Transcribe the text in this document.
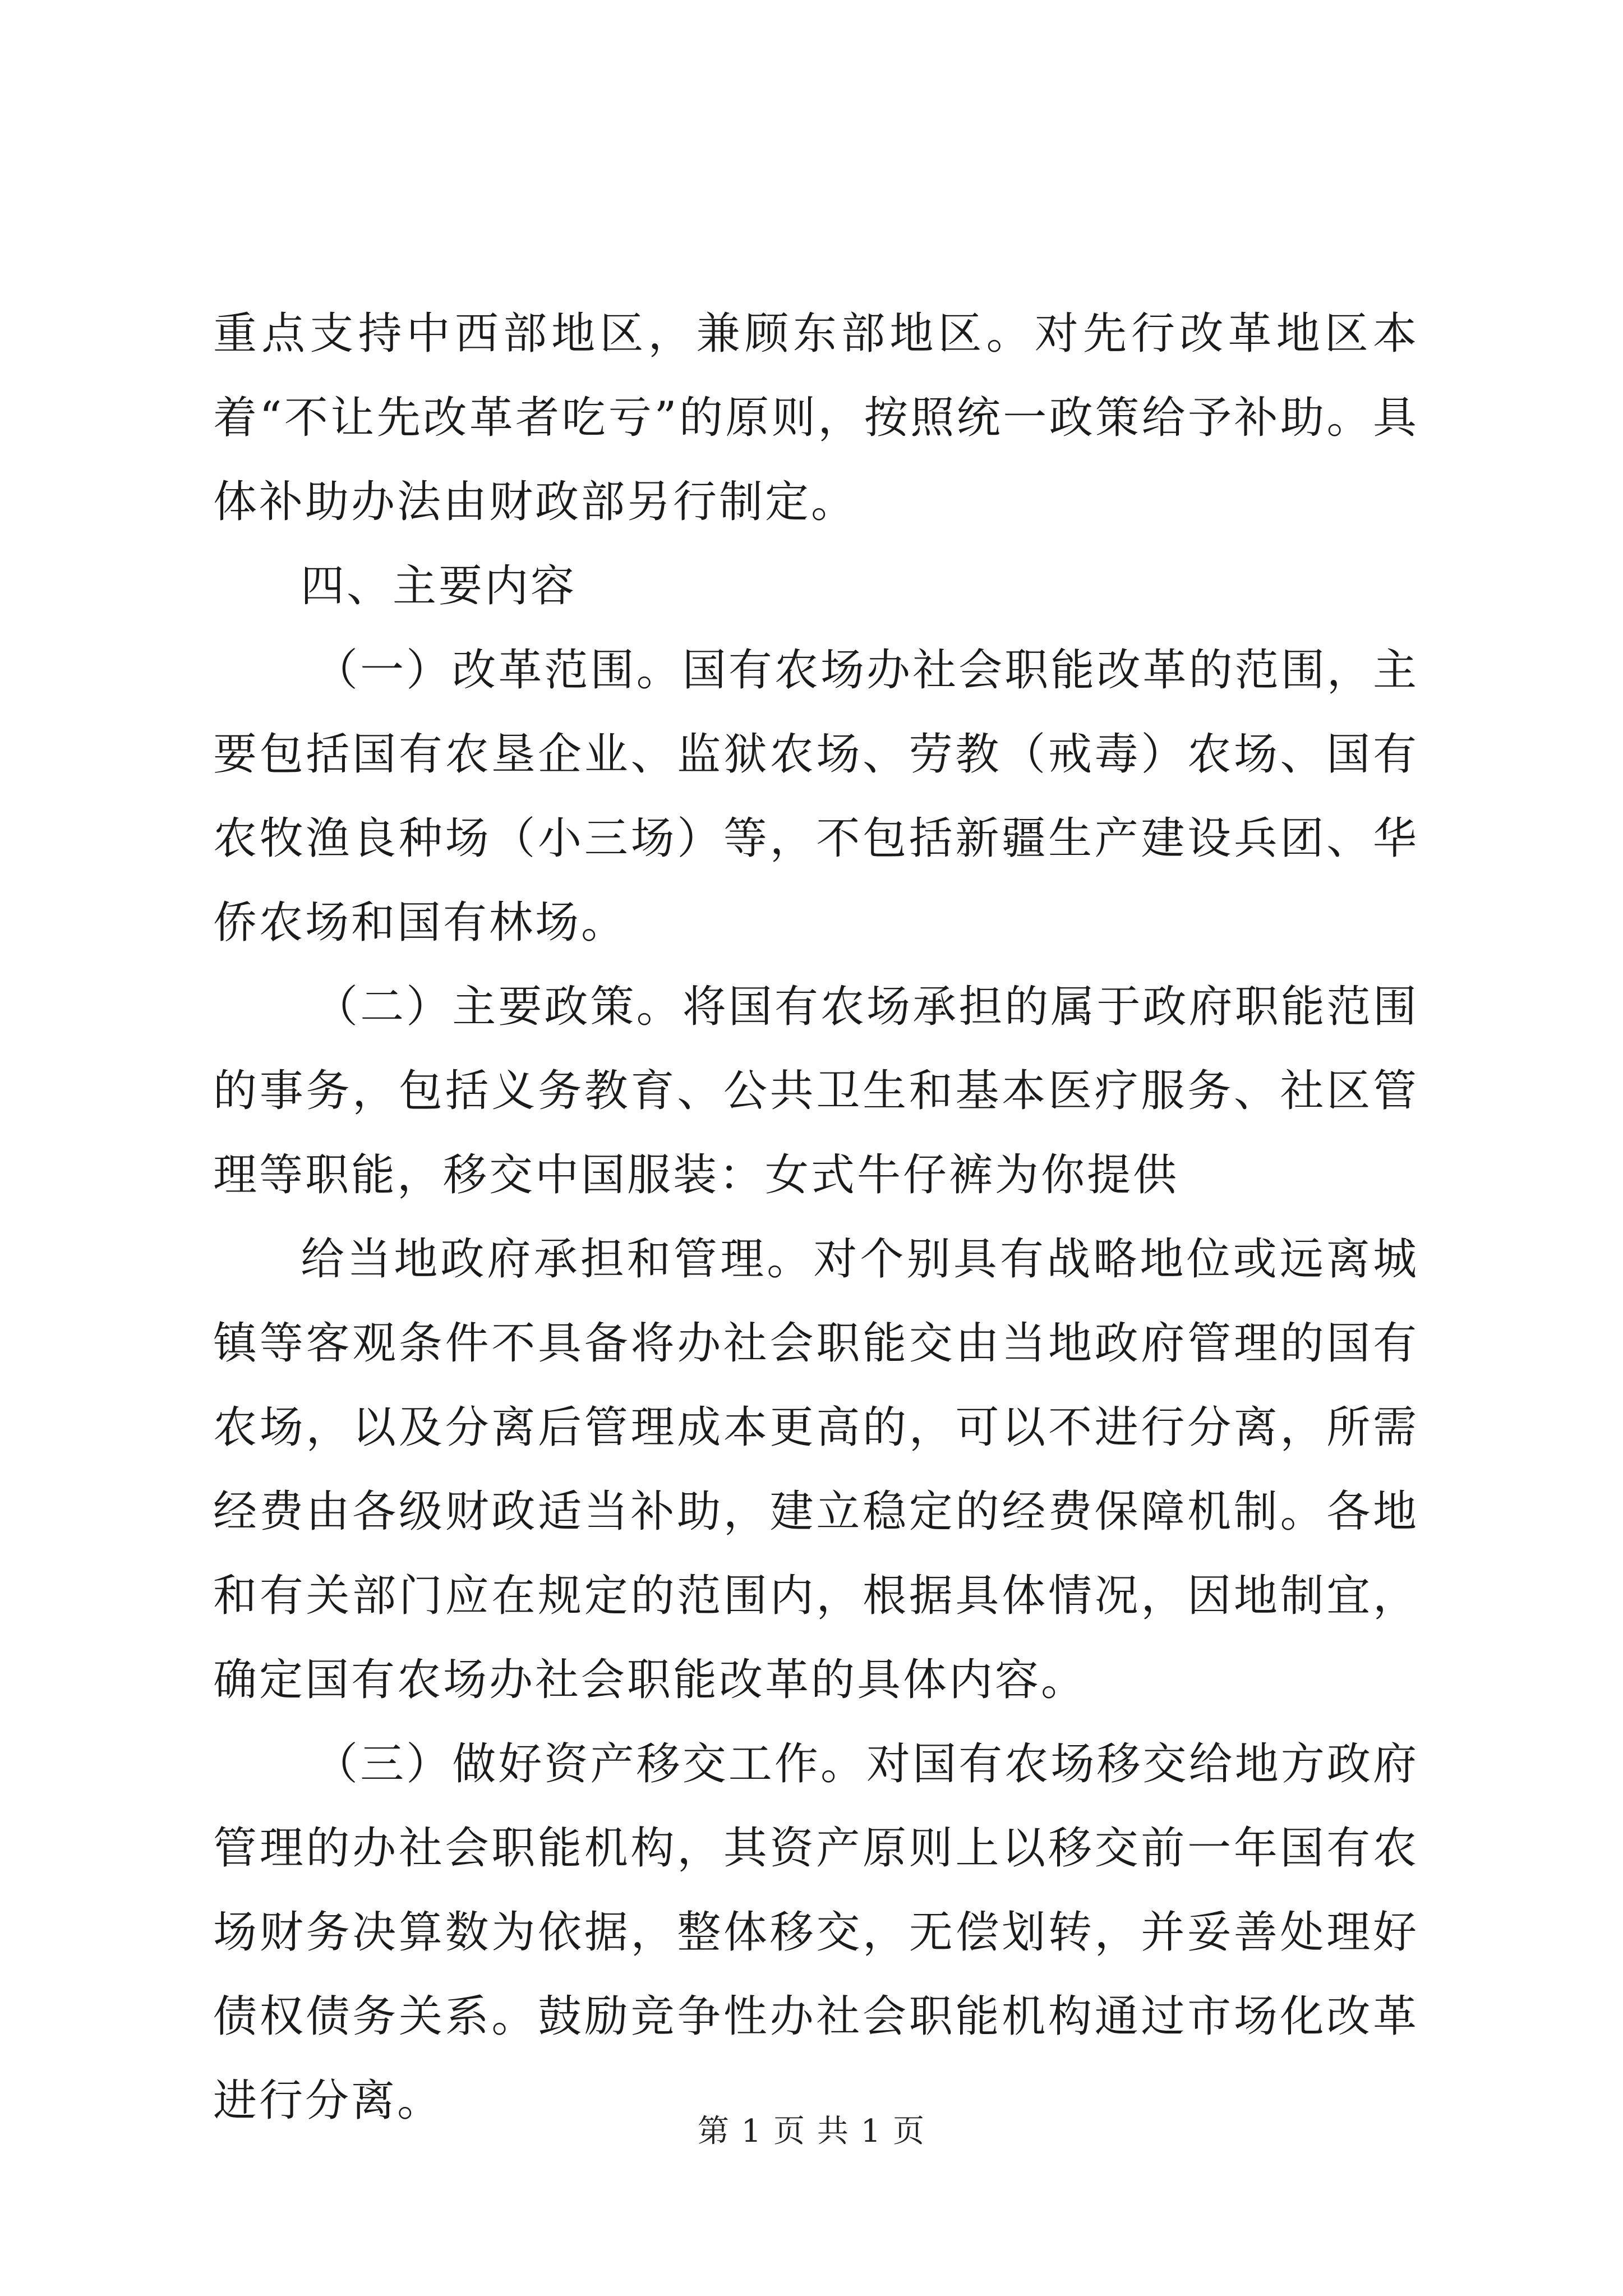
重点支持中西部地区，兼顾东部地区。对先行改革地区本着“不让先改革者吃亏”的原则，按照统一政策给予补助。具体补助办法由财政部另行制定。

四、主要内容

（一）改革范围。国有农场办社会职能改革的范围，主要包括国有农垦企业、监狱农场、劳教（戒毒）农场、国有农牧渔良种场（小三场）等，不包括新疆生产建设兵团、华侨农场和国有林场。

（二）主要政策。将国有农场承担的属于政府职能范围的事务，包括义务教育、公共卫生和基本医疗服务、社区管理等职能，移交中国服装：女式牛仔裤为你提供

给当地政府承担和管理。对个别具有战略地位或远离城镇等客观条件不具备将办社会职能交由当地政府管理的国有农场，以及分离后管理成本更高的，可以不进行分离，所需经费由各级财政适当补助，建立稳定的经费保障机制。各地和有关部门应在规定的范围内，根据具体情况，因地制宜，确定国有农场办社会职能改革的具体内容。

（三）做好资产移交工作。对国有农场移交给地方政府管理的办社会职能机构，其资产原则上以移交前一年国有农场财务决算数为依据，整体移交，无偿划转，并妥善处理好债权债务关系。鼓励竞争性办社会职能机构通过市场化改革进行分离。

第 1 页 共 1 页
